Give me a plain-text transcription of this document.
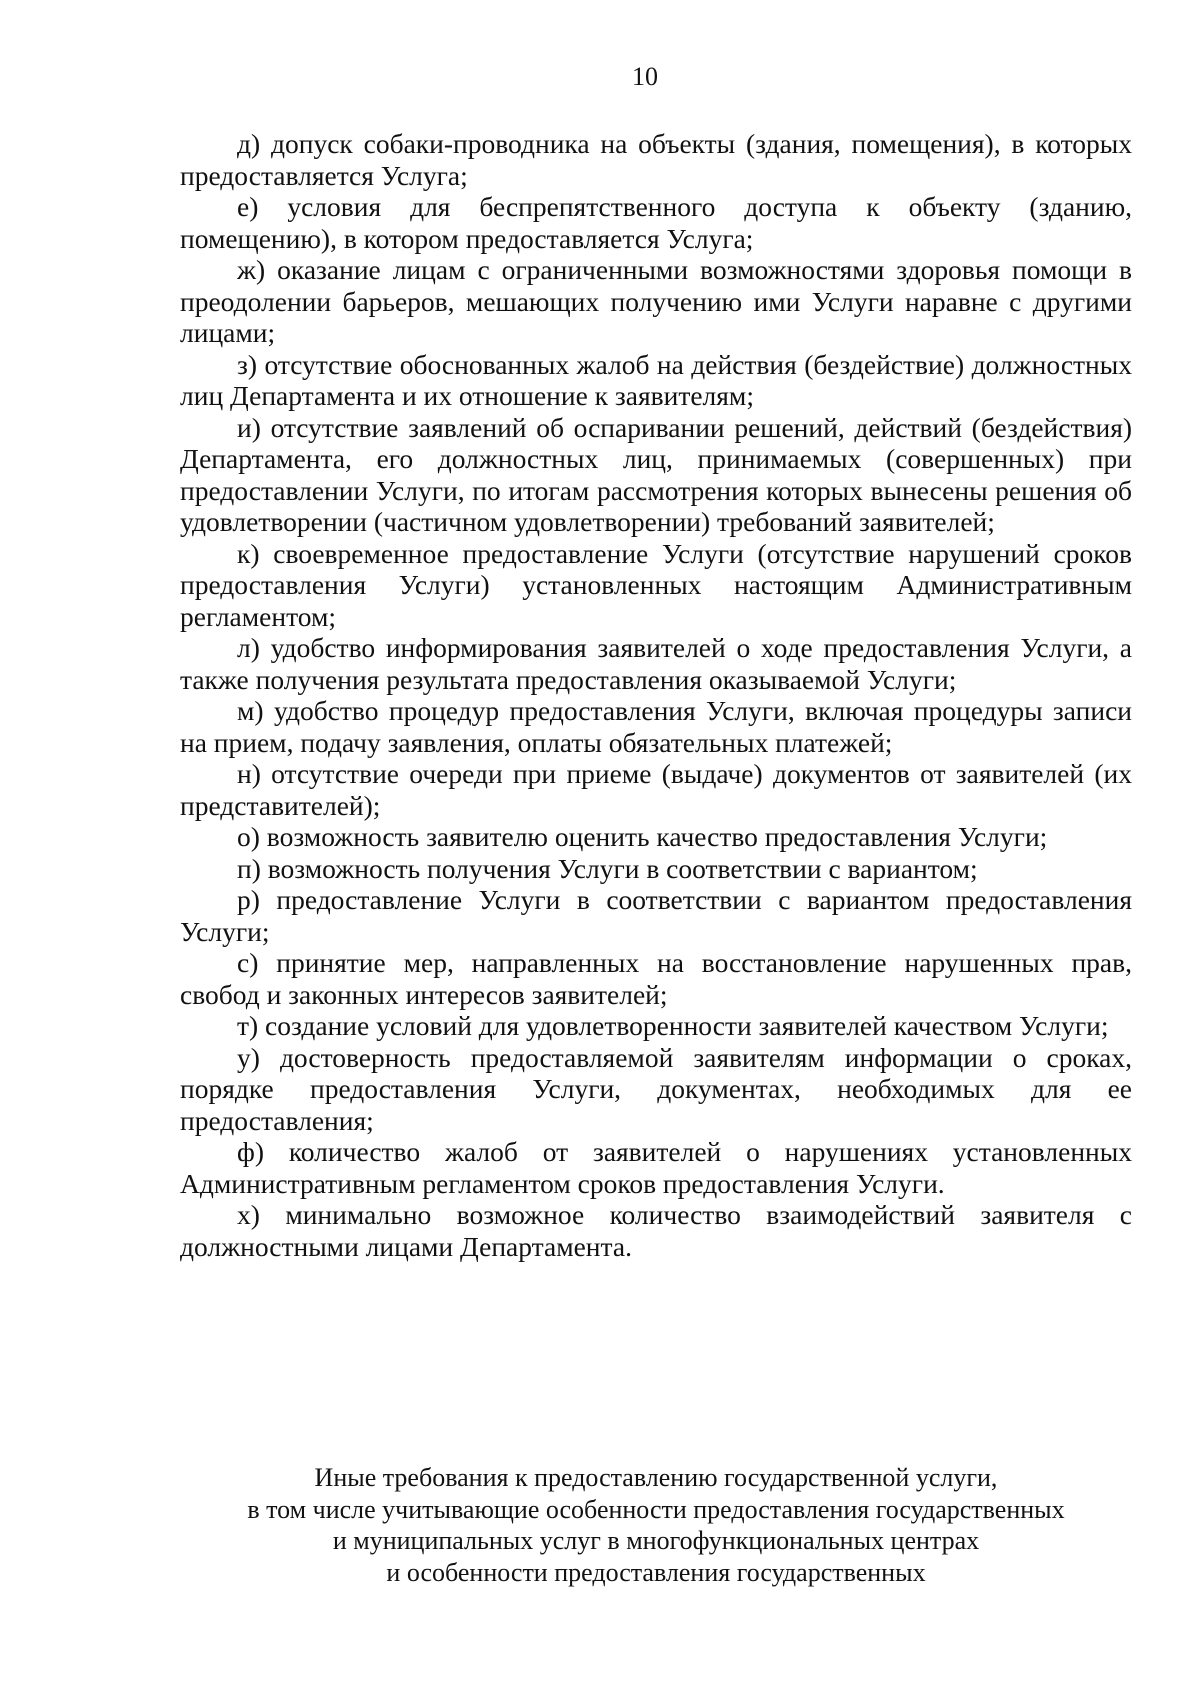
10

д) допуск собаки-проводника на объекты (здания, помещения), в которых предоставляется Услуга;

е) условия для беспрепятственного доступа к объекту (зданию, помещению), в котором предоставляется Услуга;

ж) оказание лицам с ограниченными возможностями здоровья помощи в преодолении барьеров, мешающих получению ими Услуги наравне с другими лицами;

з) отсутствие обоснованных жалоб на действия (бездействие) должностных лиц Департамента и их отношение к заявителям;

и) отсутствие заявлений об оспаривании решений, действий (бездействия) Департамента, его должностных лиц, принимаемых (совершенных) при предоставлении Услуги, по итогам рассмотрения которых вынесены решения об удовлетворении (частичном удовлетворении) требований заявителей;

к) своевременное предоставление Услуги (отсутствие нарушений сроков предоставления Услуги) установленных настоящим Административным регламентом;

л) удобство информирования заявителей о ходе предоставления Услуги, а также получения результата предоставления оказываемой Услуги;

м) удобство процедур предоставления Услуги, включая процедуры записи на прием, подачу заявления, оплаты обязательных платежей;

н) отсутствие очереди при приеме (выдаче) документов от заявителей (их представителей);

о) возможность заявителю оценить качество предоставления Услуги;

п) возможность получения Услуги в соответствии с вариантом;

р) предоставление Услуги в соответствии с вариантом предоставления Услуги;

с) принятие мер, направленных на восстановление нарушенных прав, свобод и законных интересов заявителей;

т) создание условий для удовлетворенности заявителей качеством Услуги;

у) достоверность предоставляемой заявителям информации о сроках, порядке предоставления Услуги, документах, необходимых для ее предоставления;

ф) количество жалоб от заявителей о нарушениях установленных Административным регламентом сроков предоставления Услуги.

х) минимально возможное количество взаимодействий заявителя с должностными лицами Департамента.

Иные требования к предоставлению государственной услуги,
в том числе учитывающие особенности предоставления государственных
и муниципальных услуг в многофункциональных центрах
и особенности предоставления государственных
